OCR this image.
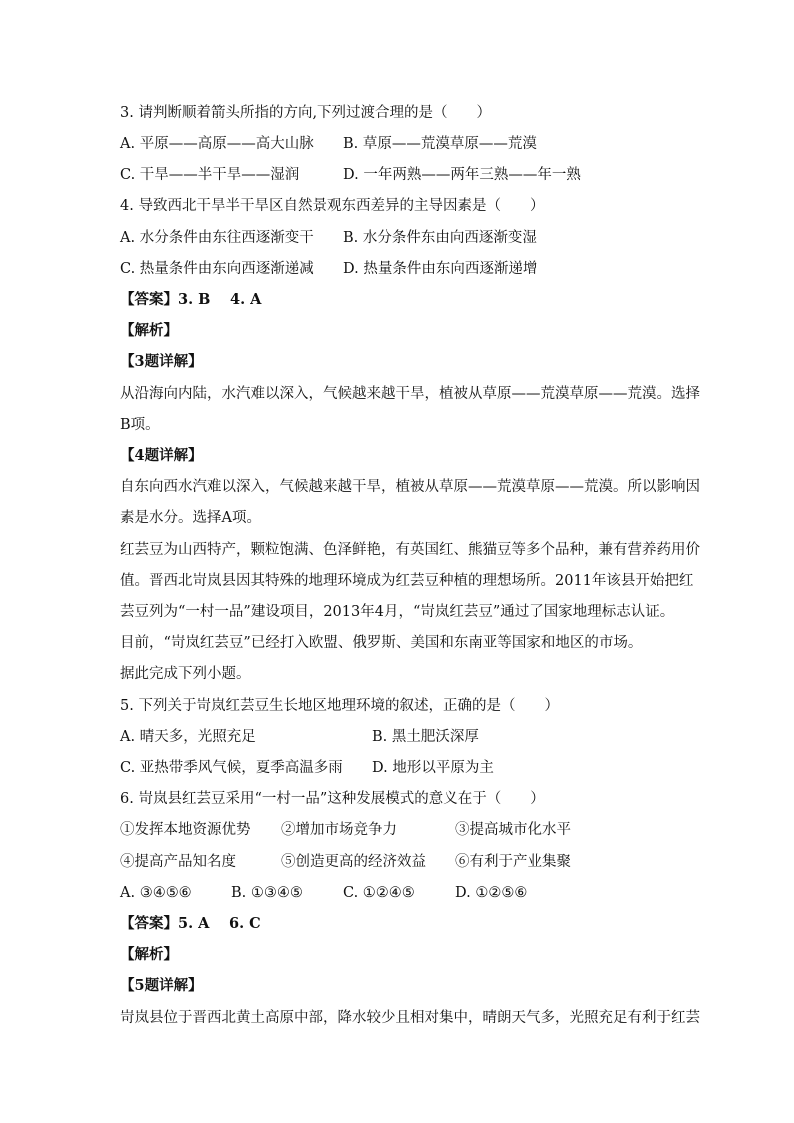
3. 请判断顺着箭头所指的方向,下列过渡合理的是（　　）
A. 平原——高原——高大山脉 B. 草原——荒漠草原——荒漠
C. 干旱——半干旱——湿润	D. 一年两熟——两年三熟——年一熟
4. 导致西北干旱半干旱区自然景观东西差异的主导因素是（　　）
A. 水分条件由东往西逐渐变干 B. 水分条件东由向西逐渐变湿
C. 热量条件由东向西逐渐递减 D. 热量条件由东向西逐渐递增
【答案】3. B　 4. A
【解析】
【3题详解】
从沿海向内陆，水汽难以深入，气候越来越干旱，植被从草原——荒漠草原——荒漠。选择
B项。
【4题详解】
自东向西水汽难以深入，气候越来越干旱，植被从草原——荒漠草原——荒漠。所以影响因
素是水分。选择A项。
红芸豆为山西特产，颗粒饱满、色泽鲜艳，有英国红、熊猫豆等多个品种，兼有营养药用价
值。晋西北岢岚县因其特殊的地理环境成为红芸豆种植的理想场所。2011年该县开始把红
芸豆列为“一村一品”建设项目，2013年4月，“岢岚红芸豆”通过了国家地理标志认证。
目前，“岢岚红芸豆”已经打入欧盟、俄罗斯、美国和东南亚等国家和地区的市场。
据此完成下列小题。
5. 下列关于岢岚红芸豆生长地区地理环境的叙述，正确的是（　　）
A. 晴天多，光照充足	B. 黑土肥沃深厚
C. 亚热带季风气候，夏季高温多雨 D. 地形以平原为主
6. 岢岚县红芸豆采用“一村一品”这种发展模式的意义在于（　　）
①发挥本地资源优势 ②增加市场竞争力	③提高城市化水平
④提高产品知名度	⑤创造更高的经济效益 ⑥有利于产业集聚
A. ③④⑤⑥	B. ①③④⑤	C. ①②④⑤	D. ①②⑤⑥
【答案】5. A　 6. C
【解析】
【5题详解】
岢岚县位于晋西北黄土高原中部，降水较少且相对集中，晴朗天气多，光照充足有利于红芸
